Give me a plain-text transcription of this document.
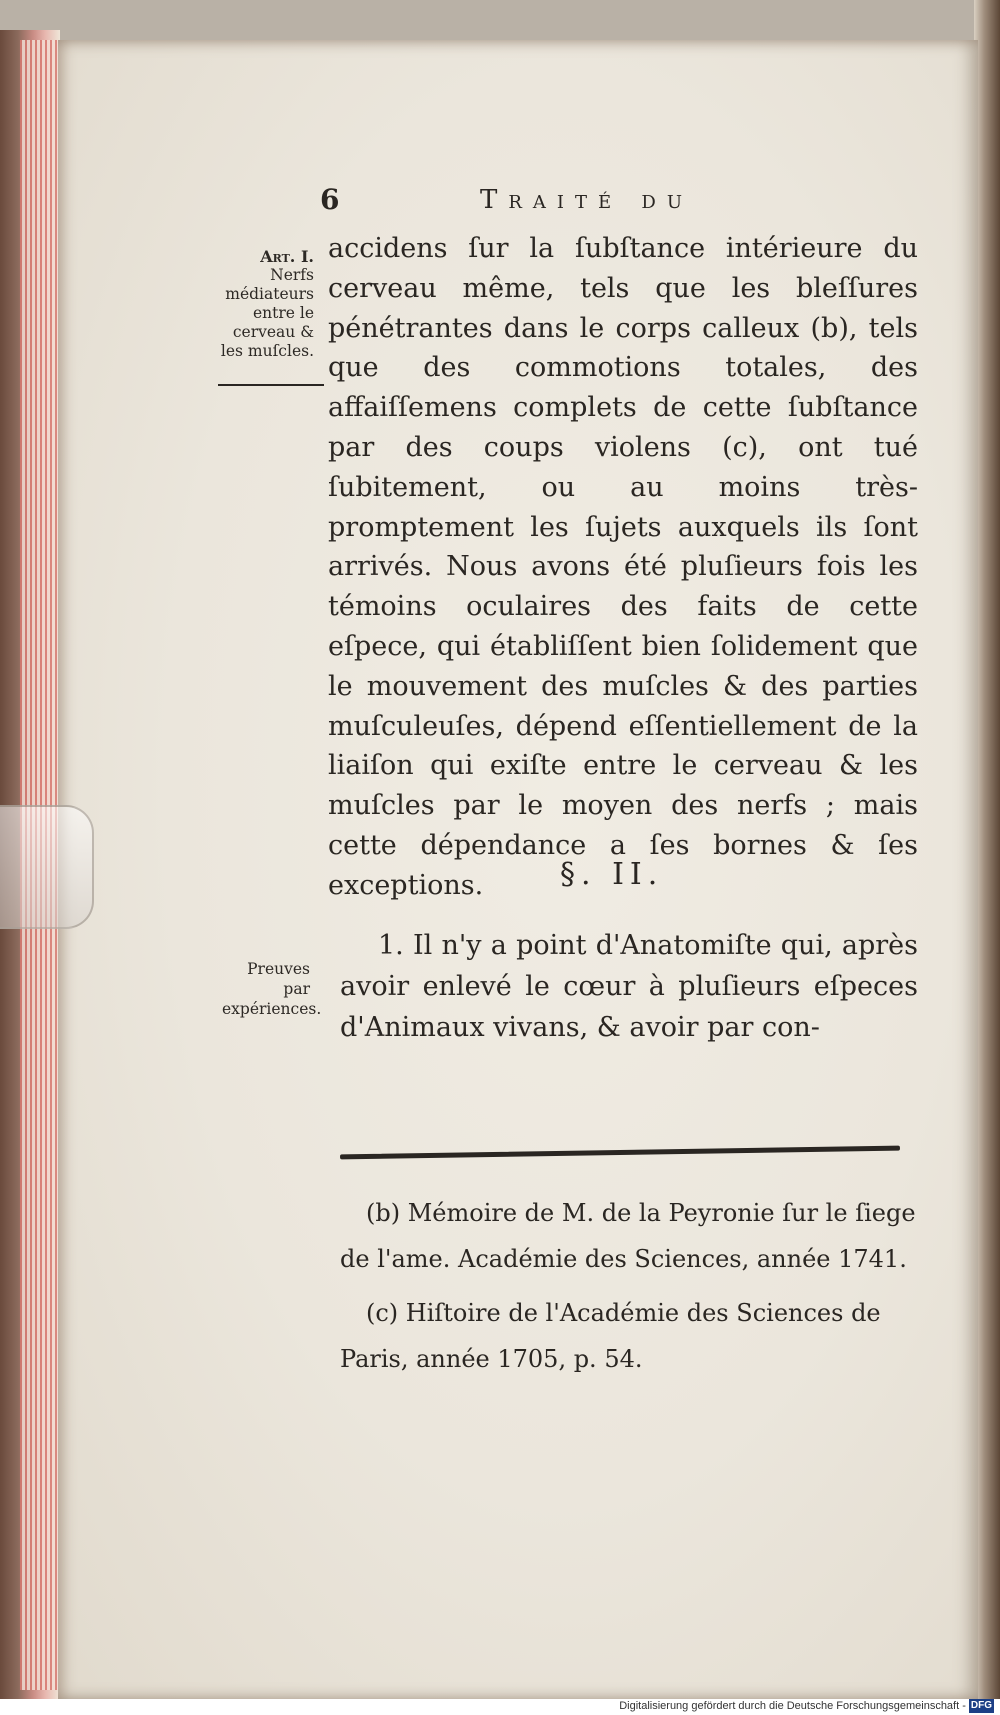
6	Traité du
Art. I.
Nerfs médiateurs entre le cerveau & les muſcles.

accidens ſur la ſubſtance intérieure du cerveau même, tels que les bleſſures pénétrantes dans le corps calleux (b), tels que des commotions totales, des affaiſſemens complets de cette ſubſtance par des coups violens (c), ont tué ſubitement, ou au moins très-promptement les ſujets auxquels ils ſont arrivés. Nous avons été pluſieurs fois les témoins oculaires des faits de cette eſpece, qui établiſſent bien ſolidement que le mouvement des muſcles & des parties muſculeuſes, dépend eſſentiellement de la liaiſon qui exiſte entre le cerveau & les muſcles par le moyen des nerfs ; mais cette dépendance a ſes bornes & ſes exceptions.	§. II.
Preuves par expériences.

1. Il n'y a point d'Anatomiſte qui, après avoir enlevé le cœur à pluſieurs eſpeces d'Animaux vivans, & avoir par con-

(b) Mémoire de M. de la Peyronie ſur le ſiege de l'ame. Académie des Sciences, année 1741.

(c) Hiſtoire de l'Académie des Sciences de Paris, année 1705, p. 54.

Digitalisierung gefördert durch die Deutsche Forschungsgemeinschaft - DFG
